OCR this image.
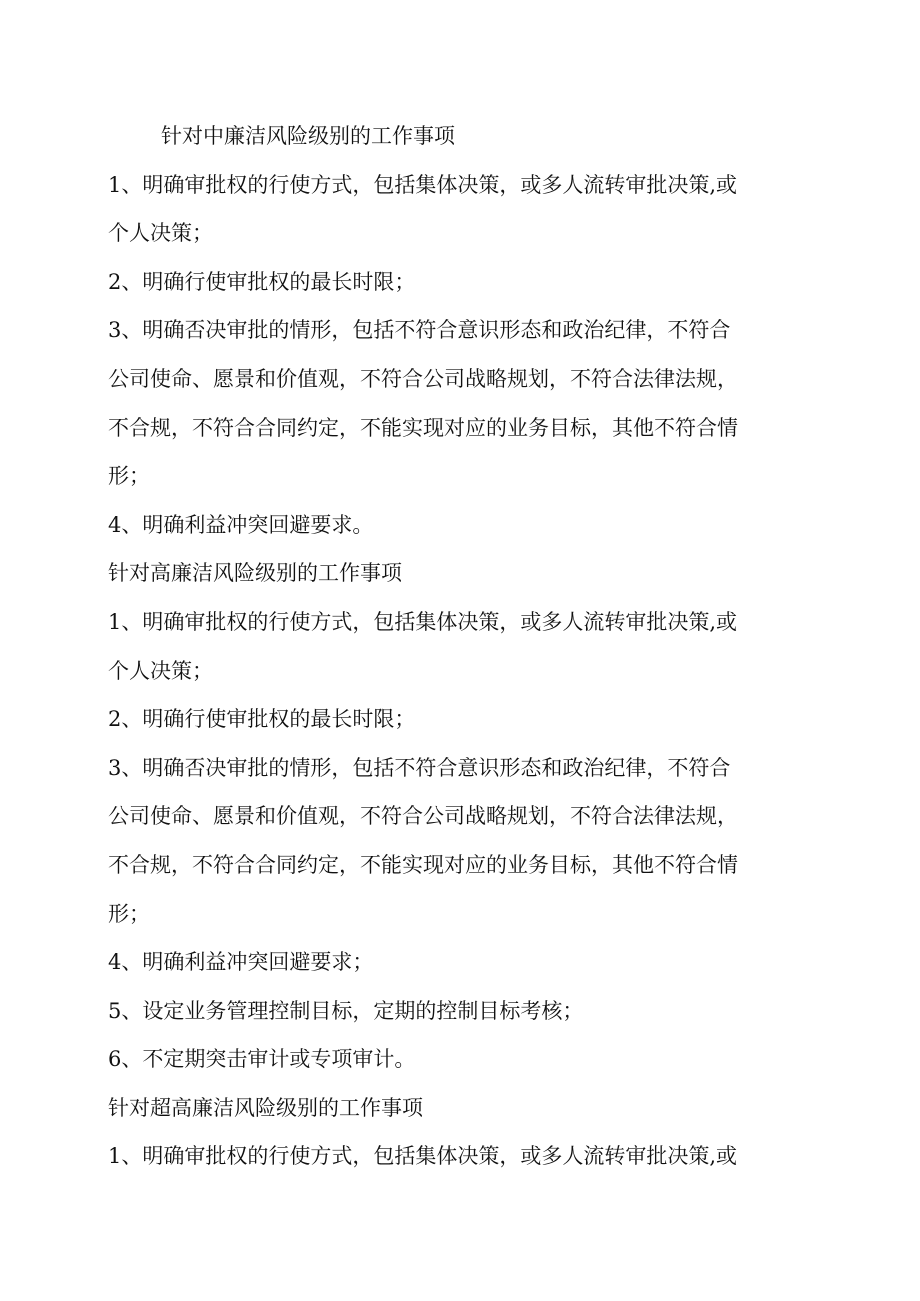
针对中廉洁风险级别的工作事项
1、明确审批权的行使方式，包括集体决策，或多人流转审批决策,或
个人决策；
2、明确行使审批权的最长时限；
3、明确否决审批的情形，包括不符合意识形态和政治纪律，不符合
公司使命、愿景和价值观，不符合公司战略规划，不符合法律法规，
不合规，不符合合同约定，不能实现对应的业务目标，其他不符合情
形；
4、明确利益冲突回避要求。
针对高廉洁风险级别的工作事项
1、明确审批权的行使方式，包括集体决策，或多人流转审批决策,或
个人决策；
2、明确行使审批权的最长时限；
3、明确否决审批的情形，包括不符合意识形态和政治纪律，不符合
公司使命、愿景和价值观，不符合公司战略规划，不符合法律法规，
不合规，不符合合同约定，不能实现对应的业务目标，其他不符合情
形；
4、明确利益冲突回避要求；
5、设定业务管理控制目标，定期的控制目标考核；
6、不定期突击审计或专项审计。
针对超高廉洁风险级别的工作事项
1、明确审批权的行使方式，包括集体决策，或多人流转审批决策,或
